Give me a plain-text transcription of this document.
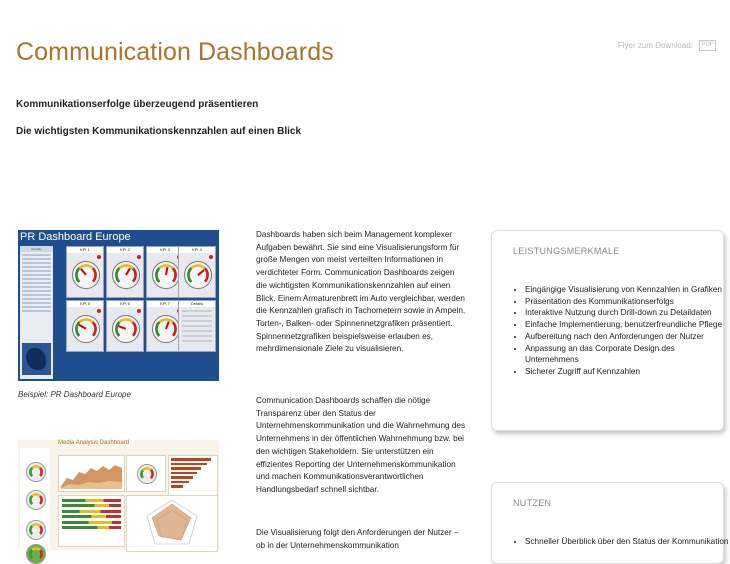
Communication Dashboards	Flyer zum Download:	PDF
Kommunikationserfolge überzeugend präsentieren
Die wichtigsten Kommunikationskennzahlen auf einen Blick
PR Dashboard Europe
Country	KPI 1	KPI 2	KPI 3	KPI 4
KPI 5	KPI 6	KPI 7	Details
Beispiel: PR Dashboard Europe
Media Analysis Dashboard

Dashboards haben sich beim Management komplexer Aufgaben bewährt. Sie sind eine Visualisierungsform für große Mengen von meist verteilten Informationen in verdichteter Form. Communication Dashboards zeigen die wichtigsten Kommunikationskennzahlen auf einen Blick. Einem Armaturenbrett im Auto vergleichbar, werden die Kennzahlen grafisch in Tachometern sowie in Ampeln, Torten-, Balken- oder Spinnennetzgrafiken präsentiert. Spinnennetzgrafiken beispielsweise erlauben es, mehrdimensionale Ziele zu visualisieren.

Communication Dashboards schaffen die nötige Transparenz über den Status der Unternehmenskommunikation und die Wahrnehmung des Unternehmens in der öffentlichen Wahrnehmung bzw. bei den wichtigen Stakeholdern. Sie unterstützen ein effizientes Reporting der Unternehmenskommunikation und machen Kommunikationsverantwortlichen Handlungsbedarf schnell sichtbar.

Die Visualisierung folgt den Anforderungen der Nutzer – ob in der Unternehmenskommunikation

LEISTUNGSMERKMALE
• Eingängige Visualisierung von Kennzahlen in Grafiken
• Präsentation des Kommunikationserfolgs
• Interaktive Nutzung durch Drill-down zu Detaildaten
• Einfache Implementierung, benutzerfreundliche Pflege
• Aufbereitung nach den Anforderungen der Nutzer
• Anpassung an das Corporate Design des Unternehmens
• Sicherer Zugriff auf Kennzahlen
NUTZEN
• Schneller Überblick über den Status der Kommunikation
